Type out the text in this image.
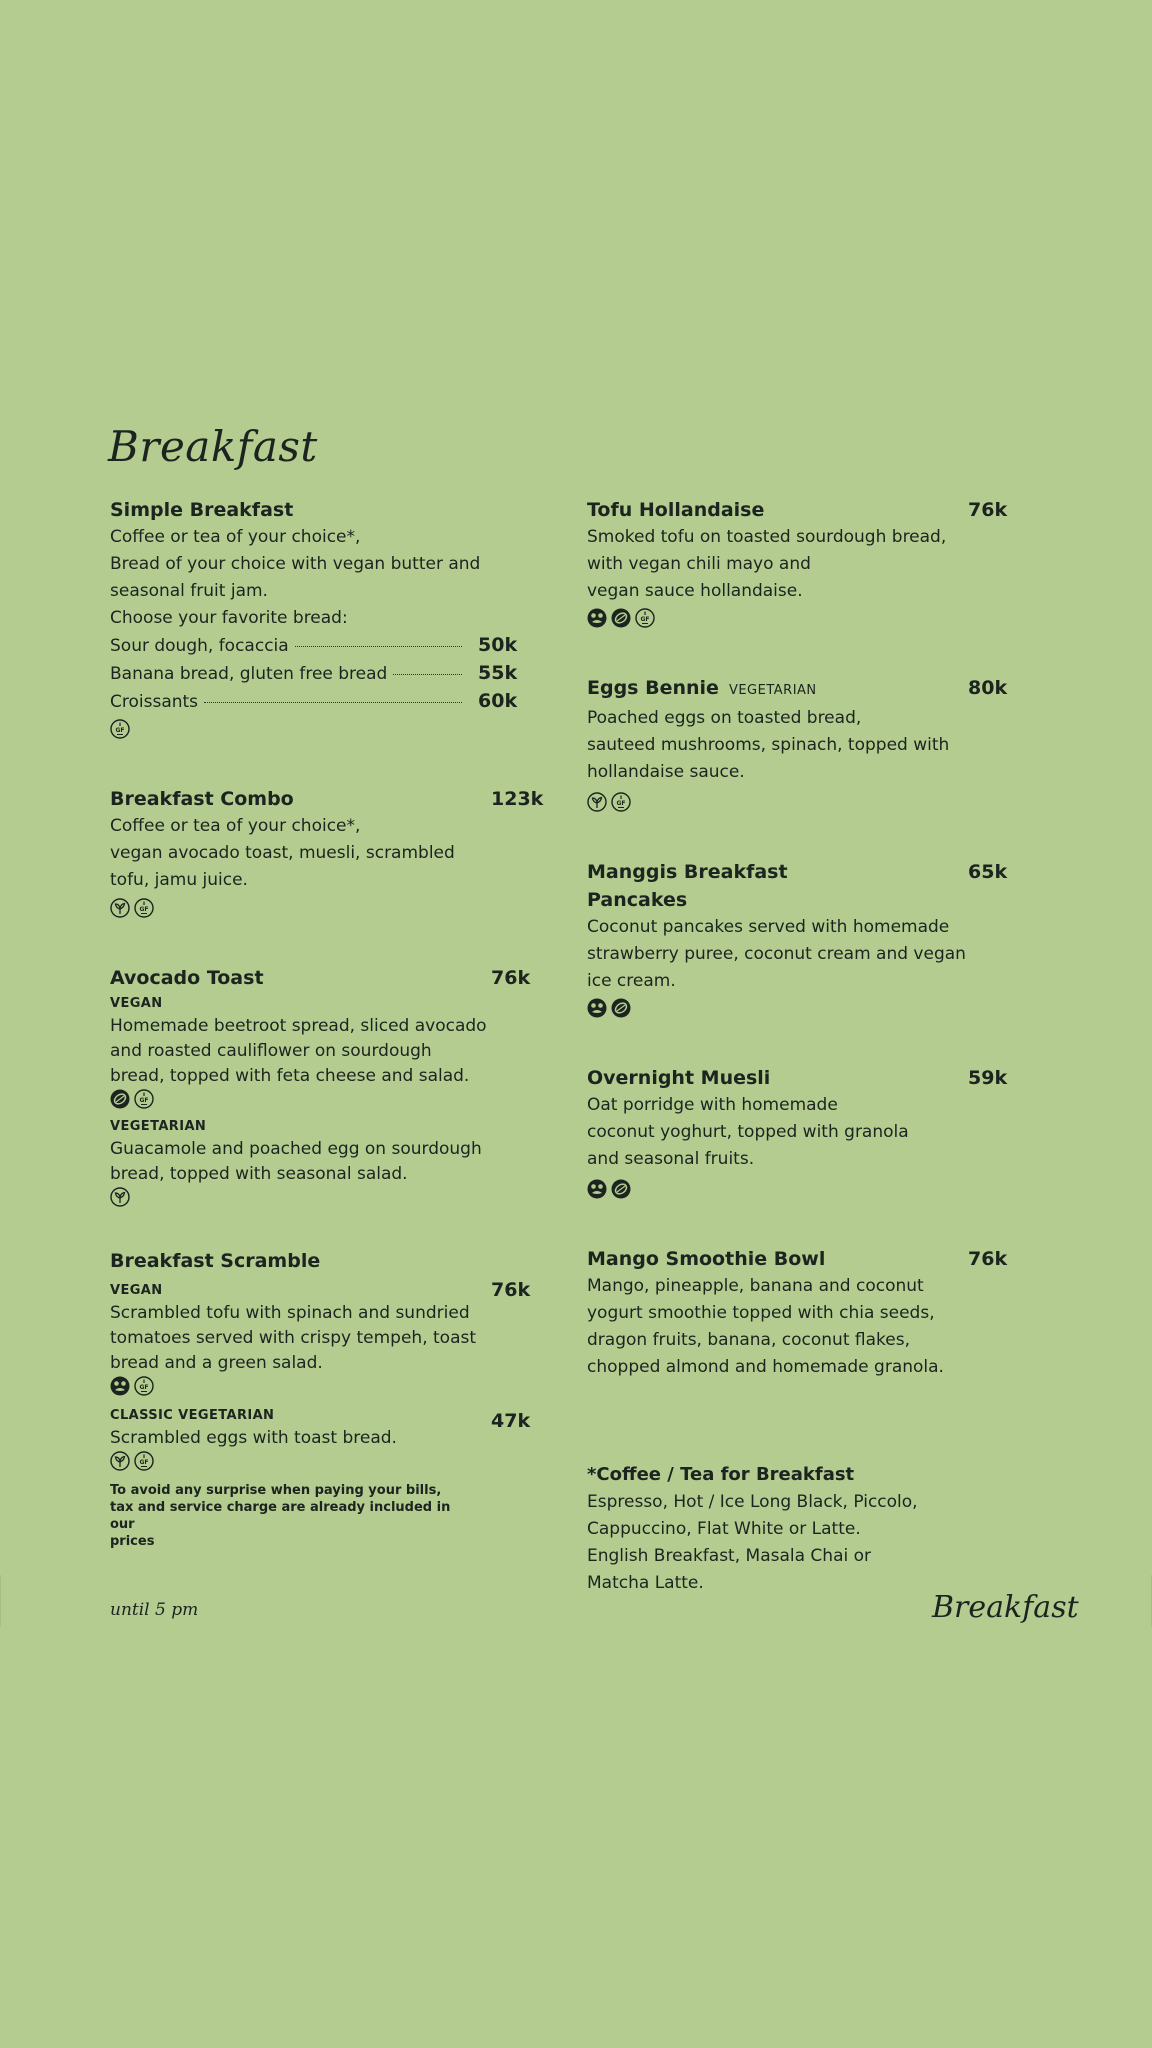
Breakfast

Simple Breakfast

Coffee or tea of your choice*,

Bread of your choice with vegan butter and

seasonal fruit jam.

Choose your favorite bread:

Sour dough, focaccia	50k
Banana bread, gluten free bread	55k
Croissants	60k

Breakfast Combo	123k

Coffee or tea of your choice*,

vegan avocado toast, muesli, scrambled

tofu, jamu juice.

Avocado Toast	76k

VEGAN

Homemade beetroot spread, sliced avocado

and roasted cauliflower on sourdough

bread, topped with feta cheese and salad.

VEGETARIAN

Guacamole and poached egg on sourdough

bread, topped with seasonal salad.

Breakfast Scramble

VEGAN	76k

Scrambled tofu with spinach and sundried

tomatoes served with crispy tempeh, toast

bread and a green salad.

CLASSIC VEGETARIAN	47k

Scrambled eggs with toast bread.

To avoid any surprise when paying your bills,
tax and service charge are already included in our
prices

Tofu Hollandaise	76k

Smoked tofu on toasted sourdough bread,

with vegan chili mayo and

vegan sauce hollandaise.

Eggs Bennie VEGETARIAN	80k

Poached eggs on toasted bread,

sauteed mushrooms, spinach, topped with

hollandaise sauce.

Manggis Breakfast

Pancakes

65k

Coconut pancakes served with homemade

strawberry puree, coconut cream and vegan

ice cream.

Overnight Muesli	59k

Oat porridge with homemade

coconut yoghurt, topped with granola

and seasonal fruits.

Mango Smoothie Bowl	76k

Mango, pineapple, banana and coconut

yogurt smoothie topped with chia seeds,

dragon fruits, banana, coconut flakes,

chopped almond and homemade granola.

*Coffee / Tea for Breakfast

Espresso, Hot / Ice Long Black, Piccolo,

Cappuccino, Flat White or Latte.

English Breakfast, Masala Chai or

Matcha Latte.

until 5 pm	Breakfast
